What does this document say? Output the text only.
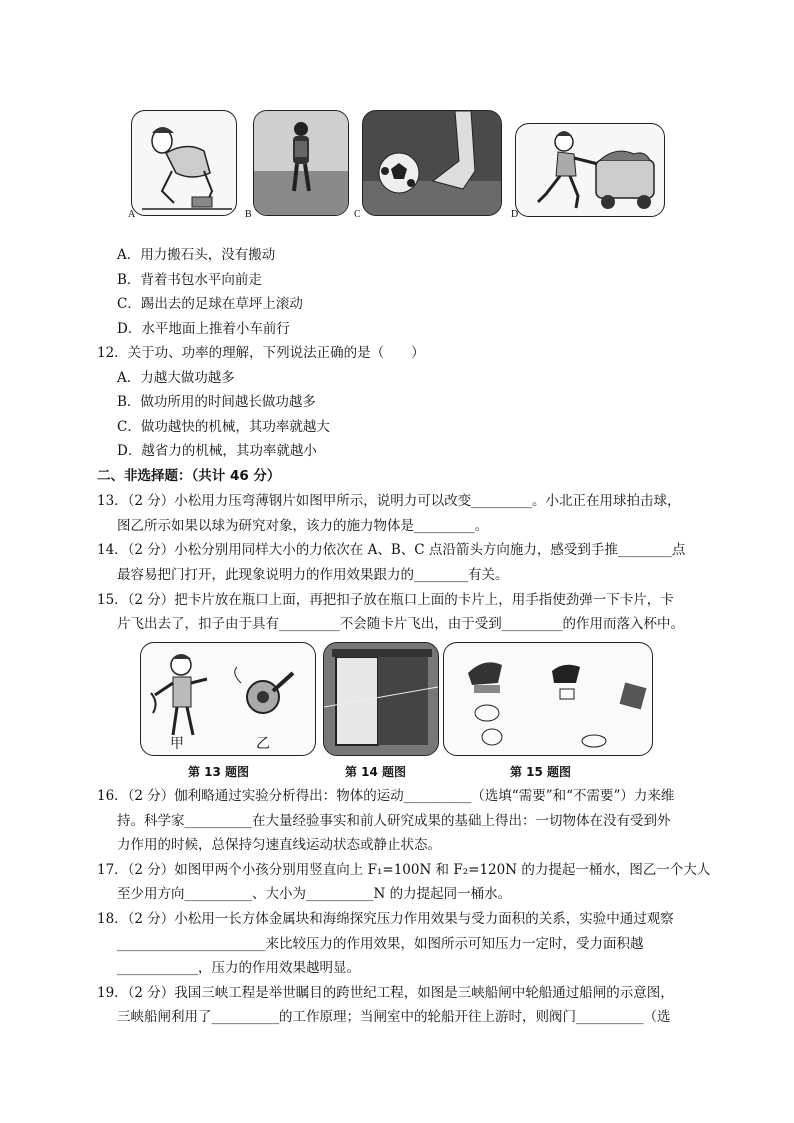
A	B	C	D
A．用力搬石头，没有搬动
B．背着书包水平向前走
C．踢出去的足球在草坪上滚动
D．水平地面上推着小车前行
12．关于功、功率的理解，下列说法正确的是（　　）
A．力越大做功越多
B．做功所用的时间越长做功越多
C．做功越快的机械，其功率就越大
D．越省力的机械，其功率就越小
二、非选择题：（共计 46 分）
13．（2 分）小松用力压弯薄钢片如图甲所示，说明力可以改变_________。小北正在用球拍击球，
图乙所示如果以球为研究对象，该力的施力物体是_________。
14．（2 分）小松分别用同样大小的力依次在 A、B、C 点沿箭头方向施力，感受到手推________点
最容易把门打开，此现象说明力的作用效果跟力的________有关。
15．（2 分）把卡片放在瓶口上面，再把扣子放在瓶口上面的卡片上，用手指使劲弹一下卡片，卡
片飞出去了，扣子由于具有_________不会随卡片飞出，由于受到_________的作用而落入杯中。
甲	乙
第 13 题图	第 14 题图	第 15 题图
16．（2 分）伽利略通过实验分析得出：物体的运动__________（选填“需要”和“不需要”）力来维
持。科学家__________在大量经验事实和前人研究成果的基础上得出：一切物体在没有受到外
力作用的时候，总保持匀速直线运动状态或静止状态。
17．（2 分）如图甲两个小孩分别用竖直向上 F₁=100N 和 F₂=120N 的力提起一桶水，图乙一个大人
至少用方向__________、大小为__________N 的力提起同一桶水。
18．（2 分）小松用一长方体金属块和海绵探究压力作用效果与受力面积的关系，实验中通过观察
______________________来比较压力的作用效果，如图所示可知压力一定时，受力面积越
____________，压力的作用效果越明显。
19．（2 分）我国三峡工程是举世瞩目的跨世纪工程，如图是三峡船闸中轮船通过船闸的示意图，
三峡船闸利用了__________的工作原理；当闸室中的轮船开往上游时，则阀门__________（选
